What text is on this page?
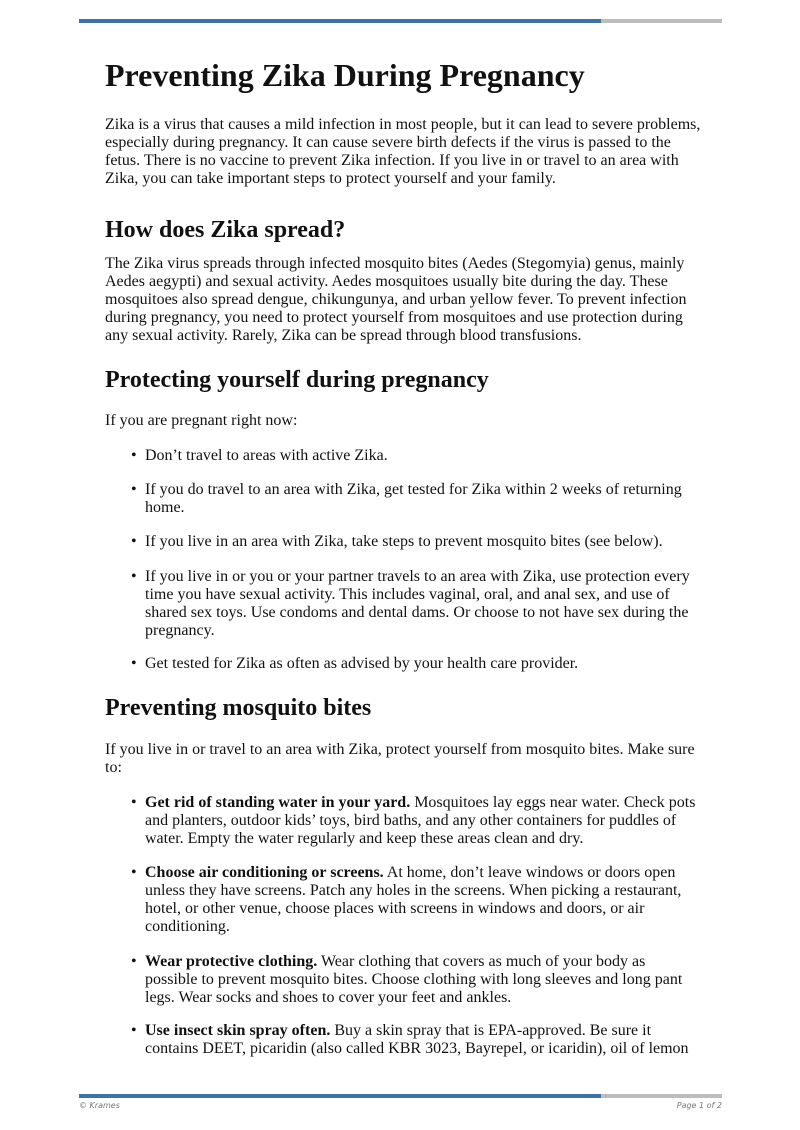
Preventing Zika During Pregnancy
Zika is a virus that causes a mild infection in most people, but it can lead to severe problems, especially during pregnancy. It can cause severe birth defects if the virus is passed to the fetus. There is no vaccine to prevent Zika infection. If you live in or travel to an area with Zika, you can take important steps to protect yourself and your family.
How does Zika spread?
The Zika virus spreads through infected mosquito bites (Aedes (Stegomyia) genus, mainly Aedes aegypti) and sexual activity. Aedes mosquitoes usually bite during the day. These mosquitoes also spread dengue, chikungunya, and urban yellow fever. To prevent infection during pregnancy, you need to protect yourself from mosquitoes and use protection during any sexual activity. Rarely, Zika can be spread through blood transfusions.
Protecting yourself during pregnancy
If you are pregnant right now:
• Don’t travel to areas with active Zika.
• If you do travel to an area with Zika, get tested for Zika within 2 weeks of returning home.
• If you live in an area with Zika, take steps to prevent mosquito bites (see below).
• If you live in or you or your partner travels to an area with Zika, use protection every time you have sexual activity. This includes vaginal, oral, and anal sex, and use of shared sex toys. Use condoms and dental dams. Or choose to not have sex during the pregnancy.
• Get tested for Zika as often as advised by your health care provider.
Preventing mosquito bites
If you live in or travel to an area with Zika, protect yourself from mosquito bites. Make sure to:
• Get rid of standing water in your yard. Mosquitoes lay eggs near water. Check pots and planters, outdoor kids’ toys, bird baths, and any other containers for puddles of water. Empty the water regularly and keep these areas clean and dry.
• Choose air conditioning or screens. At home, don’t leave windows or doors open unless they have screens. Patch any holes in the screens. When picking a restaurant, hotel, or other venue, choose places with screens in windows and doors, or air conditioning.
• Wear protective clothing. Wear clothing that covers as much of your body as possible to prevent mosquito bites. Choose clothing with long sleeves and long pant legs. Wear socks and shoes to cover your feet and ankles.
• Use insect skin spray often. Buy a skin spray that is EPA-approved. Be sure it contains DEET, picaridin (also called KBR 3023, Bayrepel, or icaridin), oil of lemon
© Krames	Page 1 of 2
